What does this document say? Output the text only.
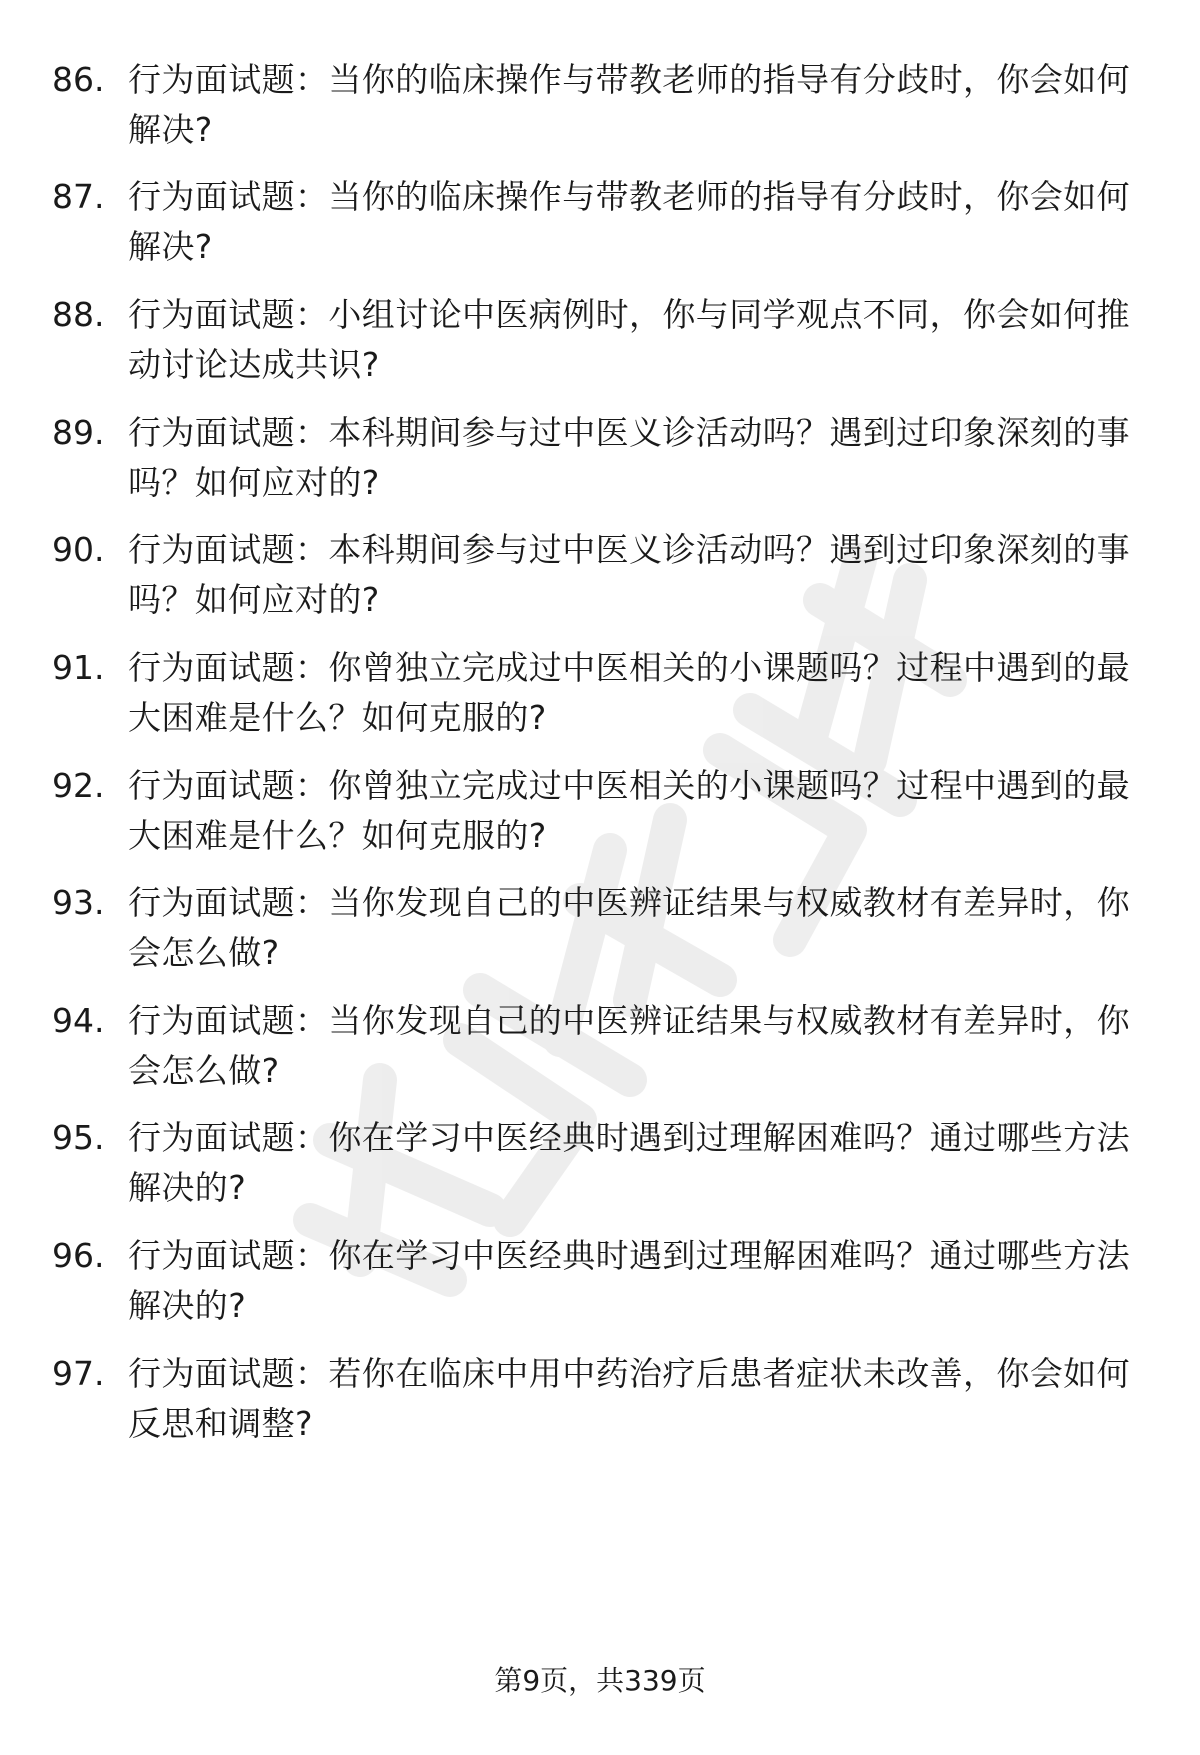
86. 行为面试题：当你的临床操作与带教老师的指导有分歧时，你会如何解决?
87. 行为面试题：当你的临床操作与带教老师的指导有分歧时，你会如何解决?
88. 行为面试题：小组讨论中医病例时，你与同学观点不同，你会如何推动讨论达成共识?
89. 行为面试题：本科期间参与过中医义诊活动吗？遇到过印象深刻的事吗？如何应对的?
90. 行为面试题：本科期间参与过中医义诊活动吗？遇到过印象深刻的事吗？如何应对的?
91. 行为面试题：你曾独立完成过中医相关的小课题吗？过程中遇到的最大困难是什么？如何克服的?
92. 行为面试题：你曾独立完成过中医相关的小课题吗？过程中遇到的最大困难是什么？如何克服的?
93. 行为面试题：当你发现自己的中医辨证结果与权威教材有差异时，你会怎么做?
94. 行为面试题：当你发现自己的中医辨证结果与权威教材有差异时，你会怎么做?
95. 行为面试题：你在学习中医经典时遇到过理解困难吗？通过哪些方法解决的?
96. 行为面试题：你在学习中医经典时遇到过理解困难吗？通过哪些方法解决的?
97. 行为面试题：若你在临床中用中药治疗后患者症状未改善，你会如何反思和调整?
第9页，共339页
